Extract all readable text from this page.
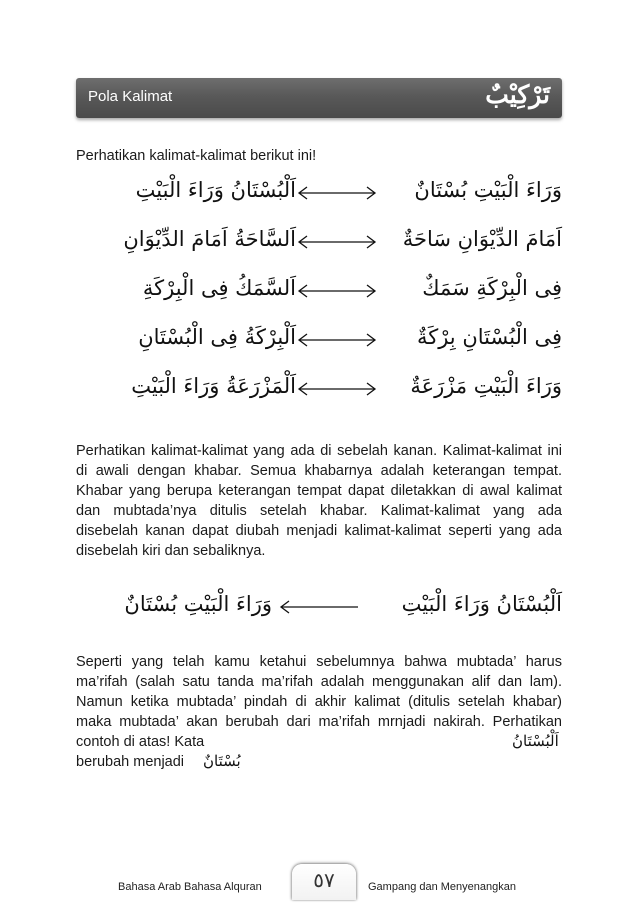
Pola Kalimat	تَرْكِيْبٌ

Perhatikan kalimat-kalimat berikut ini!

اَلْبُسْتَانُ وَرَاءَ الْبَيْتِ	وَرَاءَ الْبَيْتِ بُسْتَانٌ
اَلسَّاحَةُ اَمَامَ الدِّيْوَانِ	اَمَامَ الدِّيْوَانِ سَاحَةٌ
اَلسَّمَكُ فِى الْبِرْكَةِ	فِى الْبِرْكَةِ سَمَكٌ
اَلْبِرْكَةُ فِى الْبُسْتَانِ	فِى الْبُسْتَانِ بِرْكَةٌ
اَلْمَزْرَعَةُ وَرَاءَ الْبَيْتِ	وَرَاءَ الْبَيْتِ مَزْرَعَةٌ

Perhatikan kalimat-kalimat yang ada di sebelah kanan. Kalimat-kalimat ini di awali dengan khabar. Semua khabarnya adalah keterangan tempat. Khabar yang berupa keterangan tempat dapat diletakkan di awal kalimat dan mubtada’nya ditulis setelah khabar. Kalimat-kalimat yang ada disebelah kanan dapat diubah menjadi kalimat-kalimat seperti yang ada disebelah kiri dan sebaliknya.

وَرَاءَ الْبَيْتِ بُسْتَانٌ	اَلْبُسْتَانُ وَرَاءَ الْبَيْتِ

Seperti yang telah kamu ketahui sebelumnya bahwa mubtada’ harus ma’rifah (salah satu tanda ma’rifah adalah menggunakan alif dan lam). Namun ketika mubtada’ pindah di akhir kalimat (ditulis setelah khabar) maka mubtada’ akan berubah dari ma’rifah mrnjadi nakirah. Perhatikan contoh di atas! Kata	اَلْبُسْتَانُ
berubah menjadi بُسْتَانٌ
Bahasa Arab Bahasa Alquran	٥٧	Gampang dan Menyenangkan
